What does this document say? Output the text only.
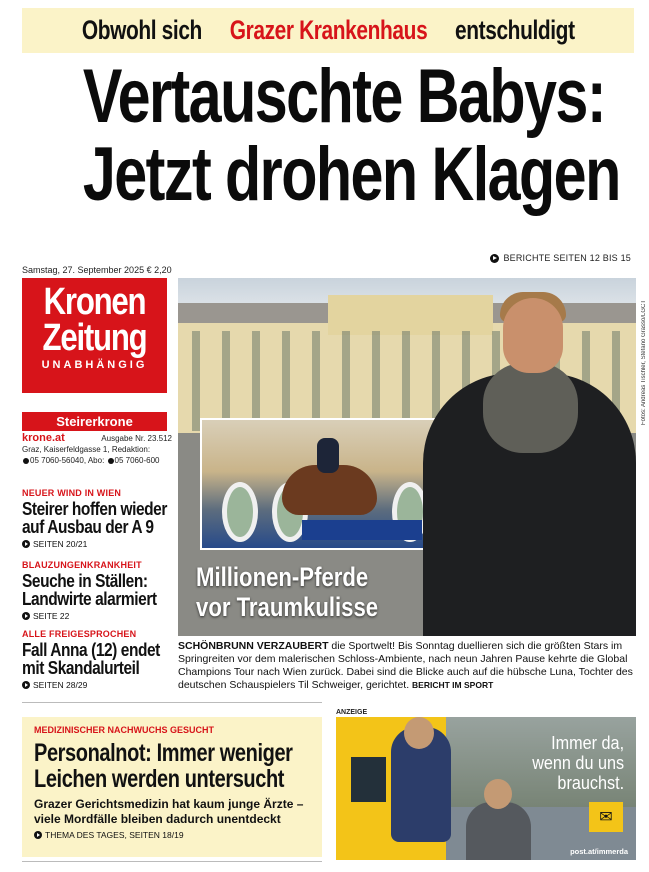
Obwohl sich Grazer Krankenhaus entschuldigt
Vertauschte Babys:
Jetzt drohen Klagen
BERICHTE SEITEN 12 BIS 15
Samstag, 27. September 2025 € 2,20
Kronen
Zeitung
UNABHÄNGIG
Steirerkrone
krone.at	Ausgabe Nr. 23.512
Graz, Kaiserfeldgasse 1, Redaktion:
05 7060-56040, Abo: 05 7060-600
NEUER WIND IN WIEN
Steirer hoffen wieder
auf Ausbau der A 9
SEITEN 20/21
BLAUZUNGENKRANKHEIT
Seuche in Ställen:
Landwirte alarmiert
SEITE 22
ALLE FREIGESPROCHEN
Fall Anna (12) endet
mit Skandalurteil
SEITEN 28/29
Millionen-Pferde
vor Traumkulisse
Fotos: Andreas Tischler, Stefano Grasso/LGCT
SCHÖNBRUNN VERZAUBERT die Sportwelt! Bis Sonntag duellieren sich die größten Stars im Springreiten vor dem malerischen Schloss-Ambiente, nach neun Jahren Pause kehrte die Global Champions Tour nach Wien zurück. Dabei sind die Blicke auch auf die hübsche Luna, Tochter des deutschen Schauspielers Til Schweiger, gerichtet. BERICHT IM SPORT
MEDIZINISCHER NACHWUCHS GESUCHT
Personalnot: Immer weniger
Leichen werden untersucht
Grazer Gerichtsmedizin hat kaum junge Ärzte –
viele Mordfälle bleiben dadurch unentdeckt
THEMA DES TAGES, SEITEN 18/19
ANZEIGE
Immer da,
wenn du uns
brauchst.
✉
post.at/immerda
